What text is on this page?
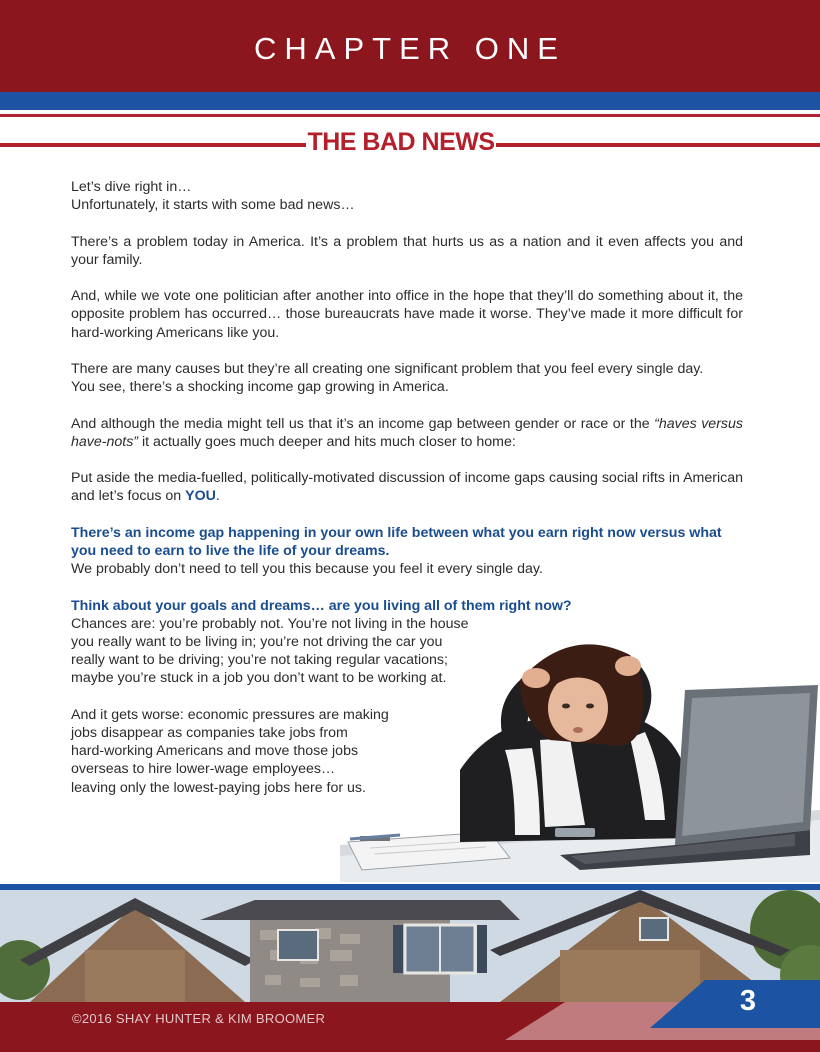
CHAPTER ONE
THE BAD NEWS

Let’s dive right in…
Unfortunately, it starts with some bad news…

There’s a problem today in America. It’s a problem that hurts us as a nation and it even affects you and your family.

And, while we vote one politician after another into office in the hope that they’ll do something about it, the opposite problem has occurred… those bureaucrats have made it worse. They’ve made it more difficult for hard-working Americans like you.

There are many causes but they’re all creating one significant problem that you feel every single day.
You see, there’s a shocking income gap growing in America.

And although the media might tell us that it’s an income gap between gender or race or the “haves versus have-nots” it actually goes much deeper and hits much closer to home:

Put aside the media-fuelled, politically-motivated discussion of income gaps causing social rifts in American and let’s focus on YOU.

There’s an income gap happening in your own life between what you earn right now versus what you need to earn to live the life of your dreams.
We probably don’t need to tell you this because you feel it every single day.

Think about your goals and dreams… are you living all of them right now?
Chances are: you’re probably not. You’re not living in the house
you really want to be living in; you’re not driving the car you
really want to be driving; you’re not taking regular vacations;
maybe you’re stuck in a job you don’t want to be working at.

And it gets worse: economic pressures are making
jobs disappear as companies take jobs from
hard-working Americans and move those jobs
overseas to hire lower-wage employees…
leaving only the lowest-paying jobs here for us.

©2016 SHAY HUNTER & KIM BROOMER
3
